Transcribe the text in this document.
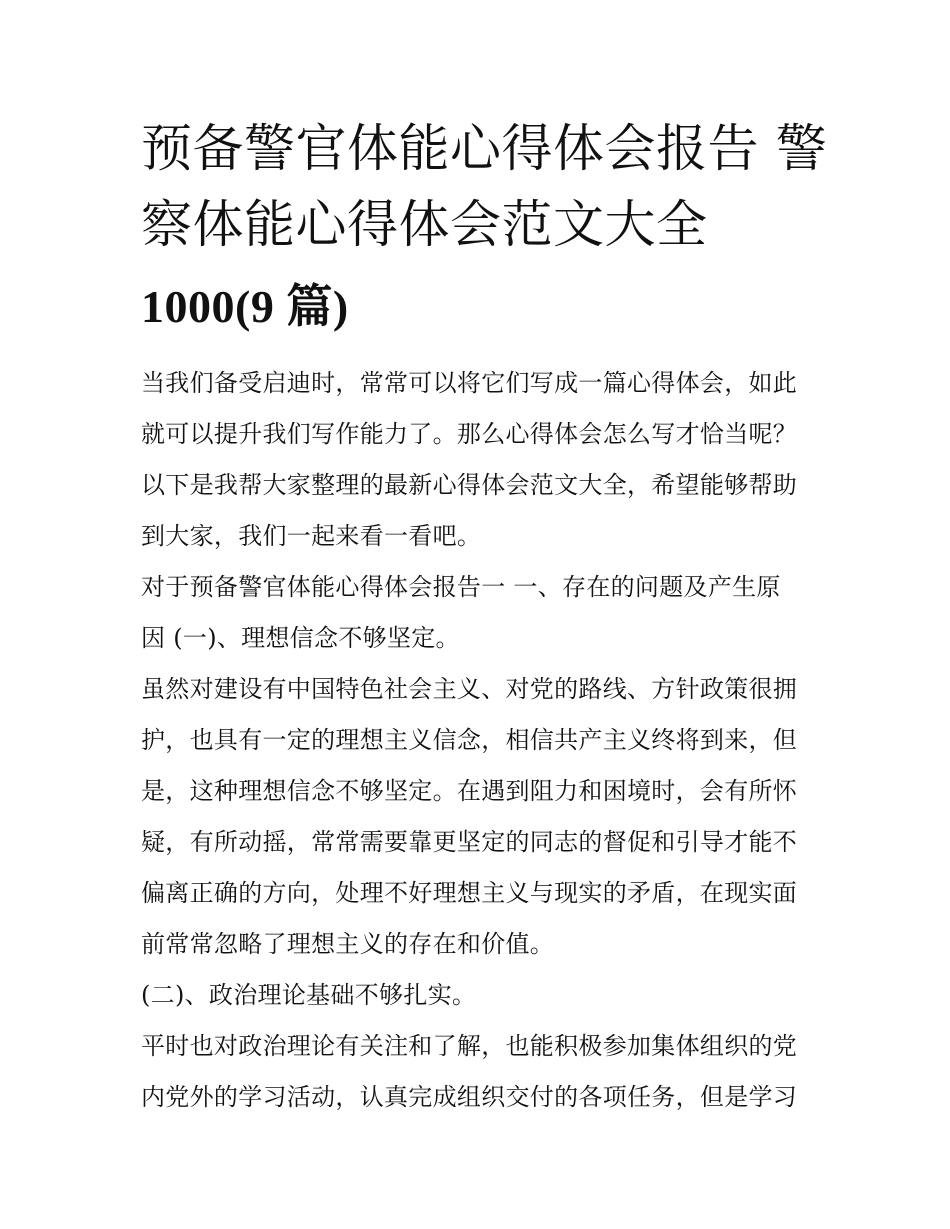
预备警官体能心得体会报告 警
察体能心得体会范文大全
1000(9 篇)
当我们备受启迪时，常常可以将它们写成一篇心得体会，如此
就可以提升我们写作能力了。那么心得体会怎么写才恰当呢？
以下是我帮大家整理的最新心得体会范文大全，希望能够帮助
到大家，我们一起来看一看吧。
对于预备警官体能心得体会报告一 一、存在的问题及产生原
因 (一)、理想信念不够坚定。
虽然对建设有中国特色社会主义、对党的路线、方针政策很拥
护，也具有一定的理想主义信念，相信共产主义终将到来，但
是，这种理想信念不够坚定。在遇到阻力和困境时，会有所怀
疑，有所动摇，常常需要靠更坚定的同志的督促和引导才能不
偏离正确的方向，处理不好理想主义与现实的矛盾，在现实面
前常常忽略了理想主义的存在和价值。
(二)、政治理论基础不够扎实。
平时也对政治理论有关注和了解，也能积极参加集体组织的党
内党外的学习活动，认真完成组织交付的各项任务，但是学习
